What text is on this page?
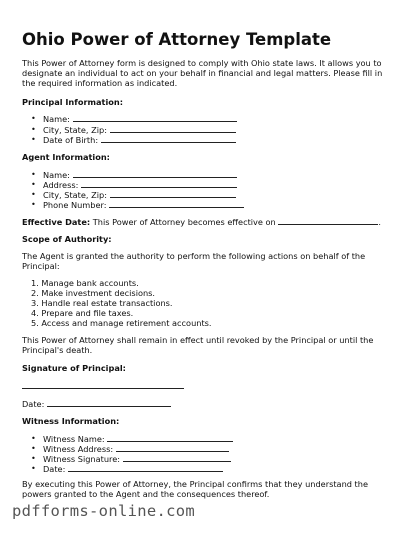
Ohio Power of Attorney Template
This Power of Attorney form is designed to comply with Ohio state laws. It allows you to designate an individual to act on your behalf in financial and legal matters. Please fill in the required information as indicated.
Principal Information:
• Name:
• City, State, Zip:
• Date of Birth:
Agent Information:
• Name:
• Address:
• City, State, Zip:
• Phone Number:
Effective Date: This Power of Attorney becomes effective on	.
Scope of Authority:
The Agent is granted the authority to perform the following actions on behalf of the Principal:
1. Manage bank accounts.
2. Make investment decisions.
3. Handle real estate transactions.
4. Prepare and file taxes.
5. Access and manage retirement accounts.
This Power of Attorney shall remain in effect until revoked by the Principal or until the Principal's death.
Signature of Principal:
Date:
Witness Information:
• Witness Name:
• Witness Address:
• Witness Signature:
• Date:
By executing this Power of Attorney, the Principal confirms that they understand the powers granted to the Agent and the consequences thereof.
pdfforms-online.com
